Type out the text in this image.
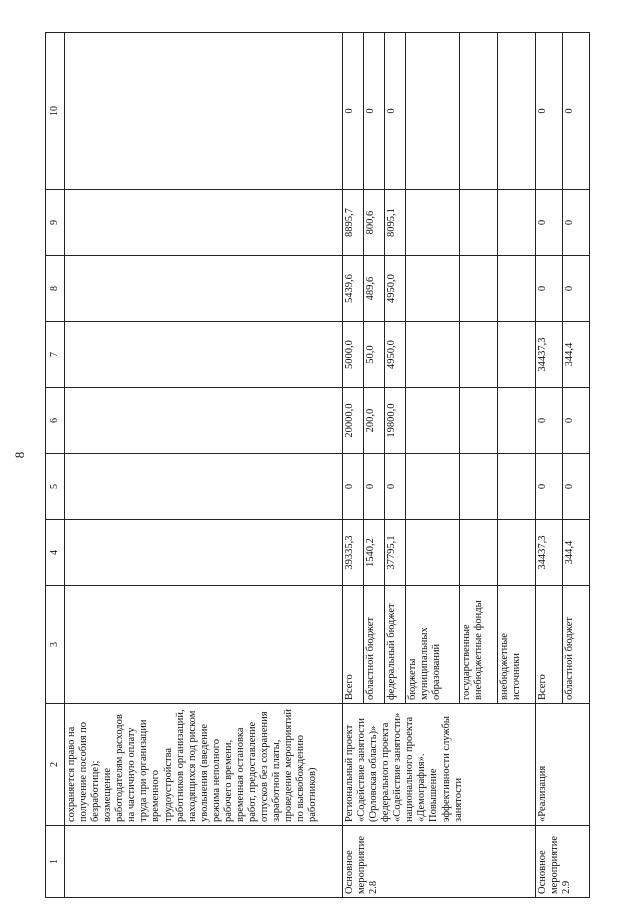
8
1	2	3	4	5	6	7	8	9	10
	сохраняется право на получение пособия по безработице); возмещение работодателям расходов на частичную оплату труда при организации временного трудоустройства работников организаций, находящихся под риском увольнения (введение режима неполного рабочего времени, временная остановка работ, предоставление отпусков без сохранения заработной платы, проведение мероприятий по высвобождению работников)								
Основное мероприятие 2.8	Региональный проект «Содействие занятости (Орловская область)» федерального проекта «Содействие занятости» национального проекта «Демография». Повышение эффективности службы занятости	Всего	39335,3	0	20000,0	5000,0	5439,6	8895,7	0
		областной бюджет	1540,2	0	200,0	50,0	489,6	800,6	0
		федеральный бюджет	37795,1	0	19800,0	4950,0	4950,0	8095,1	0
		бюджеты муниципальных образований							
		государственные внебюджетные фонды							
		внебюджетные источники							
Основное мероприятие 2.9	«Реализация	Всего	34437,3	0	0	34437,3	0	0	0
		областной бюджет	344,4	0	0	344,4	0	0	0
